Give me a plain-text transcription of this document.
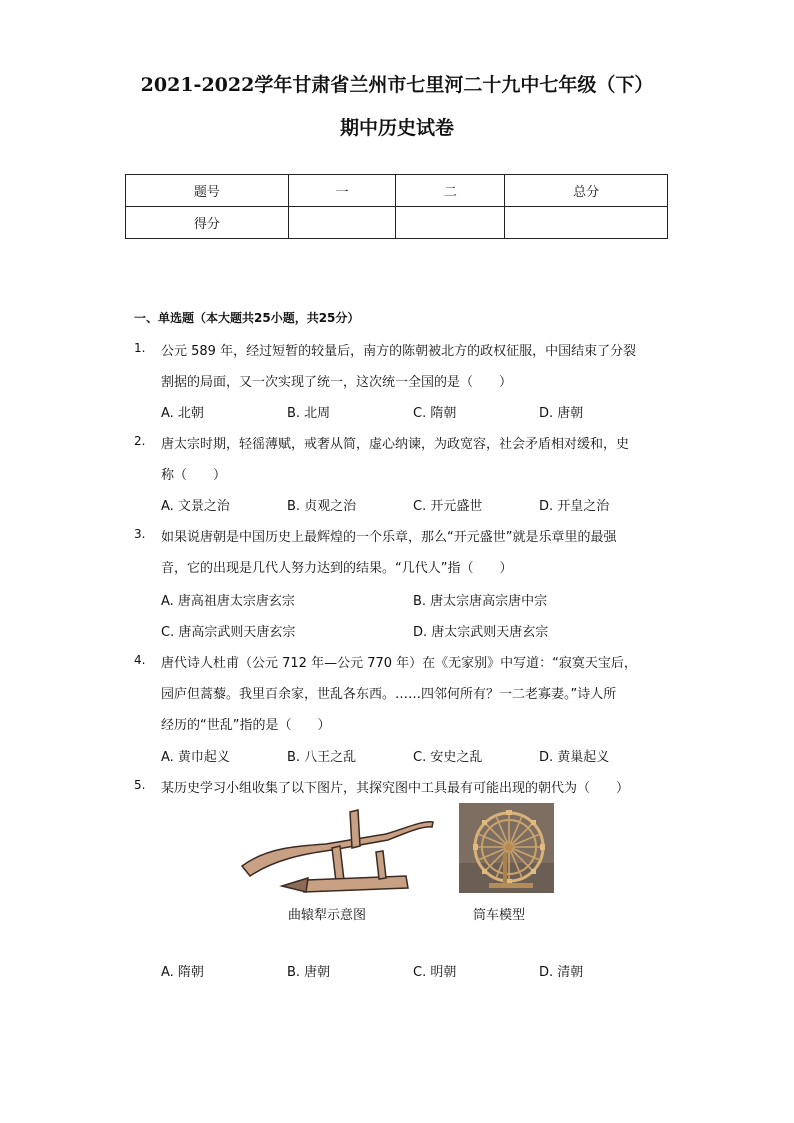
2021-2022学年甘肃省兰州市七里河二十九中七年级（下）
期中历史试卷
题号	一	二	总分
得分			
一、单选题（本大题共25小题，共25分）
1. 公元 589 年，经过短暂的较量后，南方的陈朝被北方的政权征服，中国结束了分裂
割据的局面，又一次实现了统一，这次统一全国的是（　　）
A. 北朝	B. 北周	C. 隋朝	D. 唐朝
2. 唐太宗时期，轻徭薄赋，戒奢从简，虚心纳谏，为政宽容，社会矛盾相对缓和，史
称（　　）
A. 文景之治	B. 贞观之治	C. 开元盛世	D. 开皇之治
3. 如果说唐朝是中国历史上最辉煌的一个乐章，那么“开元盛世”就是乐章里的最强
音，它的出现是几代人努力达到的结果。“几代人”指（　　）
A. 唐高祖唐太宗唐玄宗	B. 唐太宗唐高宗唐中宗
C. 唐高宗武则天唐玄宗	D. 唐太宗武则天唐玄宗
4. 唐代诗人杜甫（公元 712 年—公元 770 年）在《无家别》中写道：“寂寞天宝后，
园庐但蒿藜。我里百余家，世乱各东西。……四邻何所有？一二老寡妻。”诗人所
经历的“世乱”指的是（　　）
A. 黄巾起义	B. 八王之乱	C. 安史之乱	D. 黄巢起义
5. 某历史学习小组收集了以下图片，其探究图中工具最有可能出现的朝代为（　　）
曲辕犁示意图	筒车模型
A. 隋朝	B. 唐朝	C. 明朝	D. 清朝
